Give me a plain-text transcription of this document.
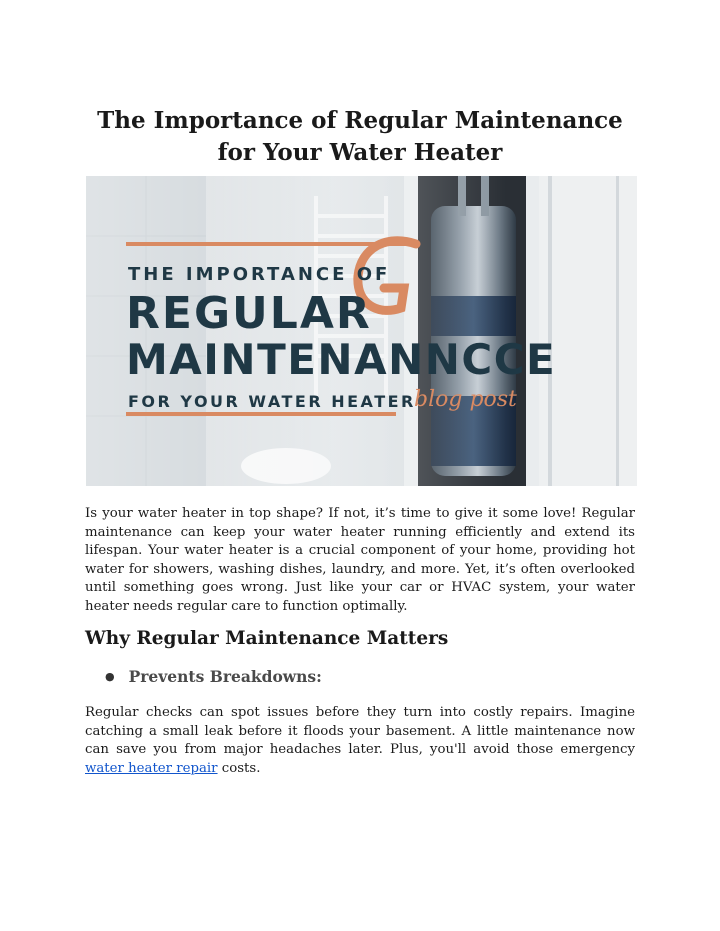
The Importance of Regular Maintenance for Your Water Heater
THE IMPORTANCE OF
REGULAR
MAINTENANNCCE
FOR YOUR WATER HEATER
blog post

Is your water heater in top shape? If not, it’s time to give it some love! Regular maintenance can keep your water heater running efficiently and extend its lifespan. Your water heater is a crucial component of your home, providing hot water for showers, washing dishes, laundry, and more. Yet, it’s often overlooked until something goes wrong. Just like your car or HVAC system, your water heater needs regular care to function optimally.

Why Regular Maintenance Matters
● Prevents Breakdowns:

Regular checks can spot issues before they turn into costly repairs. Imagine catching a small leak before it floods your basement. A little maintenance now can save you from major headaches later. Plus, you'll avoid those emergency water heater repair costs.
